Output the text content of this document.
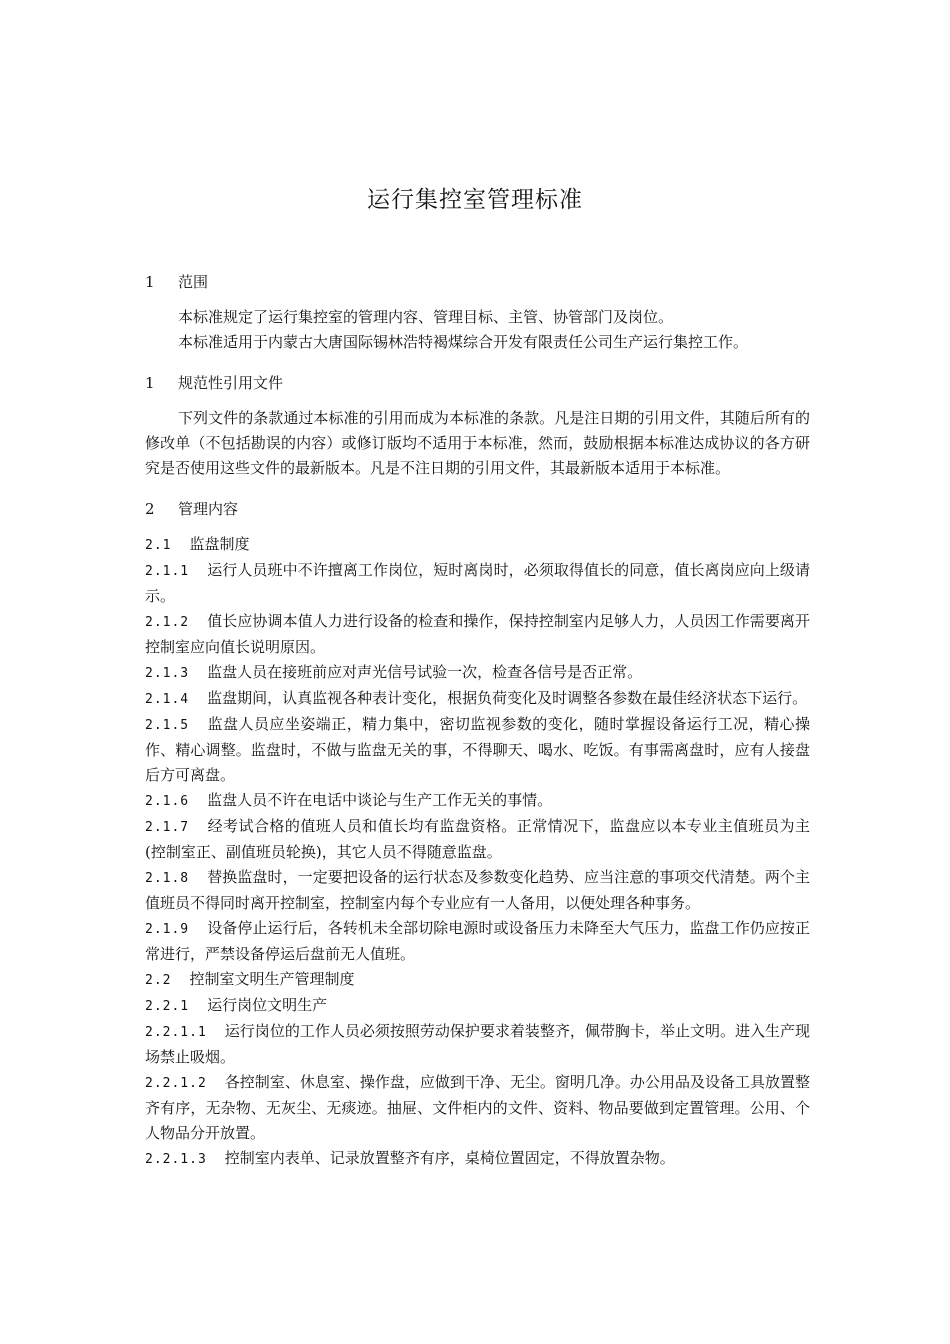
运行集控室管理标准
1	范围

本标准规定了运行集控室的管理内容、管理目标、主管、协管部门及岗位。

本标准适用于内蒙古大唐国际锡林浩特褐煤综合开发有限责任公司生产运行集控工作。

1	规范性引用文件

下列文件的条款通过本标准的引用而成为本标准的条款。凡是注日期的引用文件，其随后所有的修改单（不包括勘误的内容）或修订版均不适用于本标准，然而，鼓励根据本标准达成协议的各方研究是否使用这些文件的最新版本。凡是不注日期的引用文件，其最新版本适用于本标准。

2	管理内容

2.1 监盘制度

2.1.1 运行人员班中不许擅离工作岗位，短时离岗时，必须取得值长的同意，值长离岗应向上级请示。

2.1.2 值长应协调本值人力进行设备的检查和操作，保持控制室内足够人力，人员因工作需要离开控制室应向值长说明原因。

2.1.3 监盘人员在接班前应对声光信号试验一次，检查各信号是否正常。

2.1.4 监盘期间，认真监视各种表计变化，根据负荷变化及时调整各参数在最佳经济状态下运行。

2.1.5 监盘人员应坐姿端正，精力集中，密切监视参数的变化，随时掌握设备运行工况，精心操作、精心调整。监盘时，不做与监盘无关的事，不得聊天、喝水、吃饭。有事需离盘时，应有人接盘后方可离盘。

2.1.6 监盘人员不许在电话中谈论与生产工作无关的事情。

2.1.7 经考试合格的值班人员和值长均有监盘资格。正常情况下，监盘应以本专业主值班员为主(控制室正、副值班员轮换)，其它人员不得随意监盘。

2.1.8 替换监盘时，一定要把设备的运行状态及参数变化趋势、应当注意的事项交代清楚。两个主值班员不得同时离开控制室，控制室内每个专业应有一人备用，以便处理各种事务。

2.1.9 设备停止运行后，各转机未全部切除电源时或设备压力未降至大气压力，监盘工作仍应按正常进行，严禁设备停运后盘前无人值班。

2.2 控制室文明生产管理制度

2.2.1 运行岗位文明生产

2.2.1.1 运行岗位的工作人员必须按照劳动保护要求着装整齐，佩带胸卡，举止文明。进入生产现场禁止吸烟。

2.2.1.2 各控制室、休息室、操作盘，应做到干净、无尘。窗明几净。办公用品及设备工具放置整齐有序，无杂物、无灰尘、无痰迹。抽屉、文件柜内的文件、资料、物品要做到定置管理。公用、个人物品分开放置。

2.2.1.3 控制室内表单、记录放置整齐有序，桌椅位置固定，不得放置杂物。
